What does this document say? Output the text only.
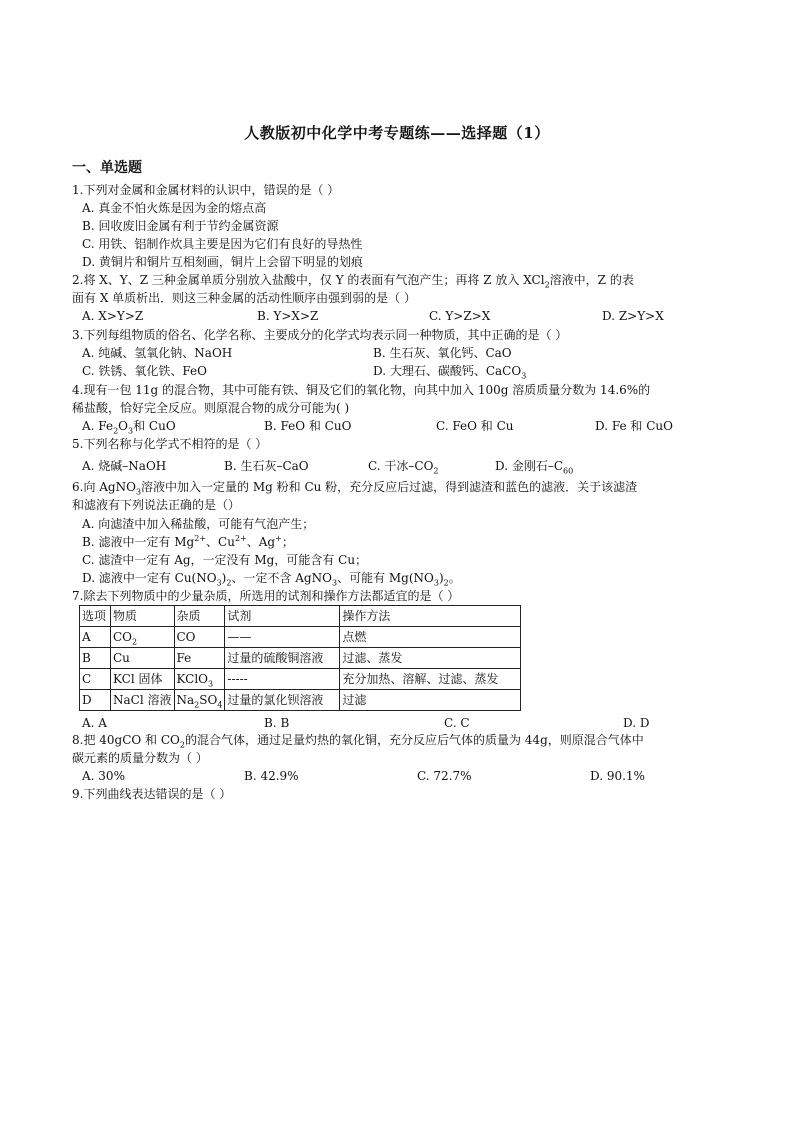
人教版初中化学中考专题练——选择题（1）
一、单选题
1.下列对金属和金属材料的认识中，错误的是（ ）
A. 真金不怕火炼是因为金的熔点高
B. 回收废旧金属有利于节约金属资源
C. 用铁、铝制作炊具主要是因为它们有良好的导热性
D. 黄铜片和铜片互相刻画，铜片上会留下明显的划痕
2.将 X、Y、Z 三种金属单质分别放入盐酸中，仅 Y 的表面有气泡产生；再将 Z 放入 XCl$_2$溶液中，Z 的表
面有 X 单质析出．则这三种金属的活动性顺序由强到弱的是（ ）
A. X>Y>Z	B. Y>X>Z	C. Y>Z>X	D. Z>Y>X
3.下列每组物质的俗名、化学名称、主要成分的化学式均表示同一种物质，其中正确的是（ ）
A. 纯碱、氢氧化钠、NaOH	B. 生石灰、氧化钙、CaO
C. 铁锈、氧化铁、FeO	D. 大理石、碳酸钙、CaCO$_3$
4.现有一包 11g 的混合物，其中可能有铁、铜及它们的氧化物，向其中加入 100g 溶质质量分数为 14.6%的
稀盐酸，恰好完全反应。则原混合物的成分可能为( )
A. $Fe_2O_3$和 CuO	B. FeO 和 CuO	C. FeO 和 Cu	D. Fe 和 CuO
5.下列名称与化学式不相符的是（ ）
A. 烧碱–NaOH	B. 生石灰–CaO	C. 干冰$-CO_2$	D. 金刚石$-C_{60}$
6.向 AgNO$_3$溶液中加入一定量的 Mg 粉和 Cu 粉，充分反应后过滤，得到滤渣和蓝色的滤液．关于该滤渣
和滤液有下列说法正确的是（）
A. 向滤渣中加入稀盐酸，可能有气泡产生；
B. 滤液中一定有 $Mg^{2+}$、$Cu^{2+}$、Ag+；
C. 滤渣中一定有 Ag，一定没有 Mg，可能含有 Cu；
D. 滤液中一定有 $Cu(NO_3)_2$、一定不含 AgNO$_3$、可能有 $Mg(NO_3)_2$。
7.除去下列物质中的少量杂质，所选用的试剂和操作方法都适宜的是（ ）
选项	物质	杂质	试剂	操作方法
A	$CO_2$	CO	——	点燃
B	Cu	Fe	过量的硫酸铜溶液	过滤、蒸发
C	KCl 固体	KClO$_3$	-----	充分加热、溶解、过滤、蒸发
D	NaCl 溶液	$Na_2SO_4$	过量的氯化钡溶液	过滤
A. A	B. B	C. C	D. D
8.把 40gCO 和 $CO_2$的混合气体，通过足量灼热的氧化铜，充分反应后气体的质量为 44g，则原混合气体中
碳元素的质量分数为（ ）
A. 30%	B. 42.9%	C. 72.7%	D. 90.1%
9.下列曲线表达错误的是（ ）
